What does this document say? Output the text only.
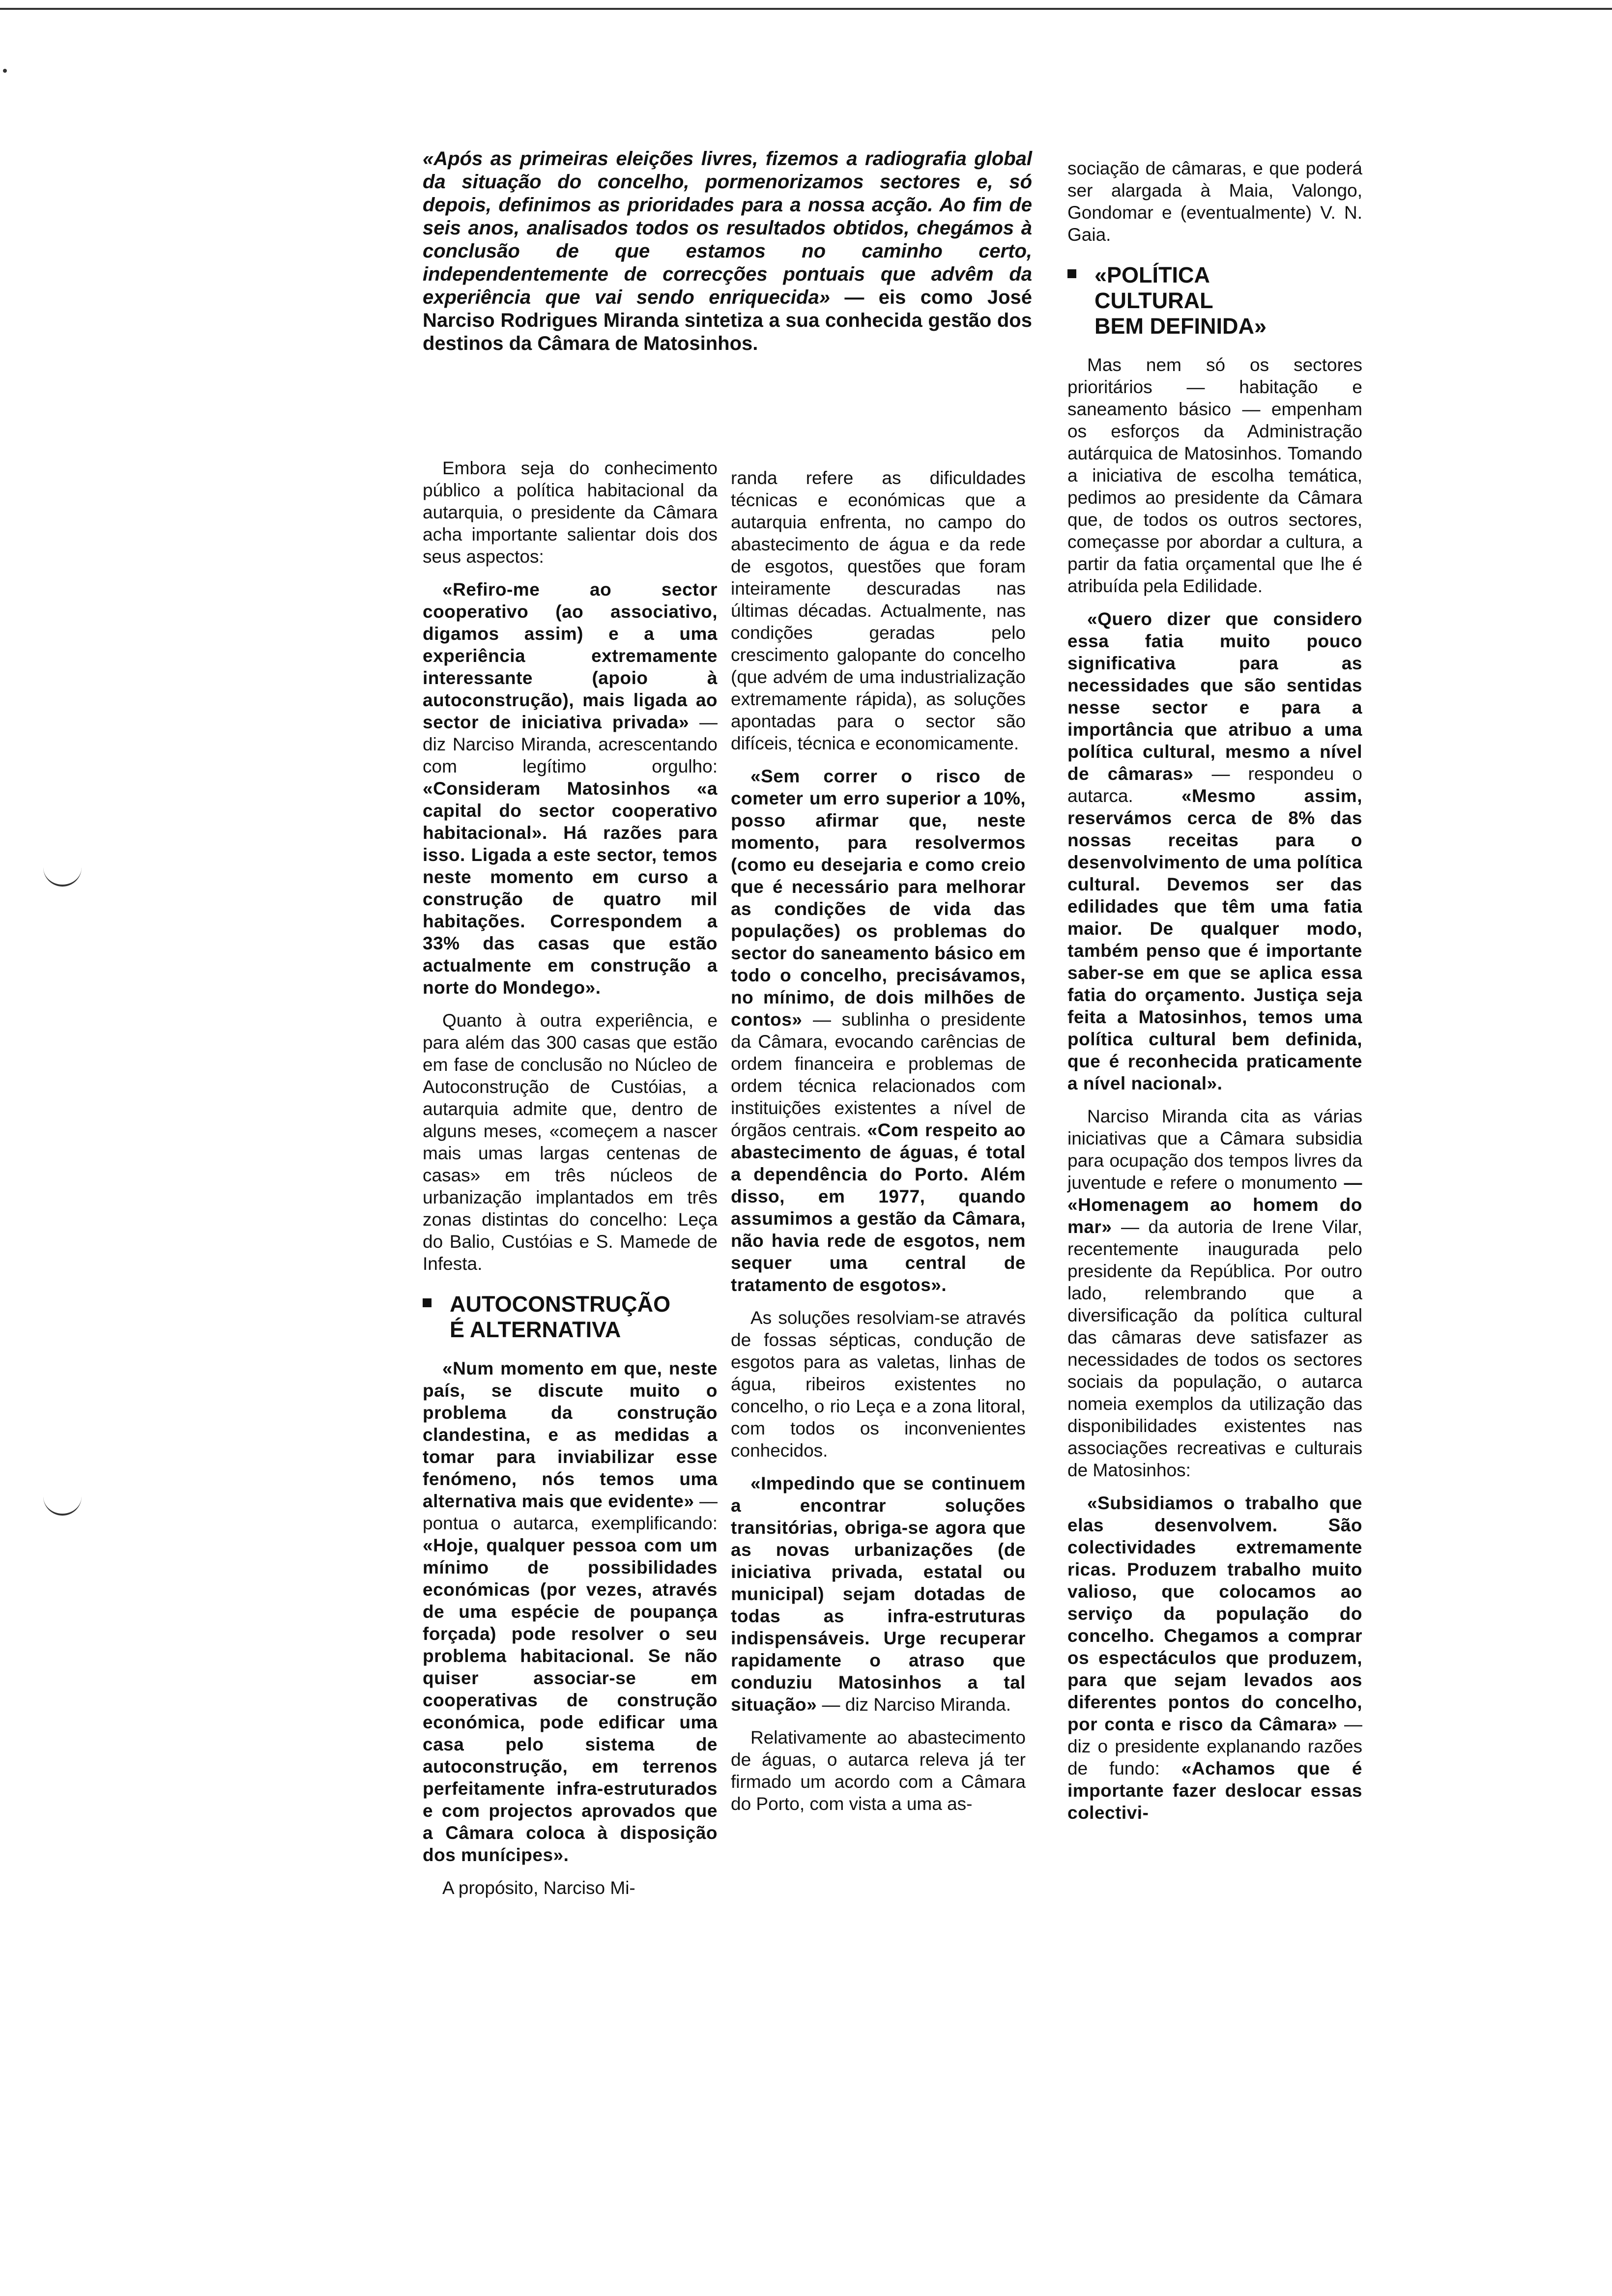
«Após as primeiras eleições livres, fizemos a radiografia global da situação do concelho, pormenorizamos sectores e, só depois, definimos as prioridades para a nossa acção. Ao fim de seis anos, analisados todos os resultados obtidos, chegámos à conclusão de que estamos no caminho certo, independentemente de correcções pontuais que advêm da experiência que vai sendo enriquecida» — eis como José Narciso Rodrigues Miranda sintetiza a sua conhecida gestão dos destinos da Câmara de Matosinhos.

Embora seja do conhecimento público a política habitacional da autarquia, o presidente da Câmara acha importante salientar dois dos seus aspectos:

«Refiro-me ao sector cooperativo (ao associativo, digamos assim) e a uma experiência extremamente interessante (apoio à autoconstrução), mais ligada ao sector de iniciativa privada» — diz Narciso Miranda, acrescentando com legítimo orgulho: «Consideram Matosinhos «a capital do sector cooperativo habitacional». Há razões para isso. Ligada a este sector, temos neste momento em curso a construção de quatro mil habitações. Correspondem a 33% das casas que estão actualmente em construção a norte do Mondego».

Quanto à outra experiência, e para além das 300 casas que estão em fase de conclusão no Núcleo de Autoconstrução de Custóias, a autarquia admite que, dentro de alguns meses, «começem a nascer mais umas largas centenas de casas» em três núcleos de urbanização implantados em três zonas distintas do concelho: Leça do Balio, Custóias e S. Mamede de Infesta.

AUTOCONSTRUÇÃO
É ALTERNATIVA

«Num momento em que, neste país, se discute muito o problema da construção clandestina, e as medidas a tomar para inviabilizar esse fenómeno, nós temos uma alternativa mais que evidente» — pontua o autarca, exemplificando: «Hoje, qualquer pessoa com um mínimo de possibilidades económicas (por vezes, através de uma espécie de poupança forçada) pode resolver o seu problema habitacional. Se não quiser associar-se em cooperativas de construção económica, pode edificar uma casa pelo sistema de autoconstrução, em terrenos perfeitamente infra-estruturados e com projectos aprovados que a Câmara coloca à disposição dos munícipes».

A propósito, Narciso Mi-

randa refere as dificuldades técnicas e económicas que a autarquia enfrenta, no campo do abastecimento de água e da rede de esgotos, questões que foram inteiramente descuradas nas últimas décadas. Actualmente, nas condições geradas pelo crescimento galopante do concelho (que advém de uma industrialização extremamente rápida), as soluções apontadas para o sector são difíceis, técnica e economicamente.

«Sem correr o risco de cometer um erro superior a 10%, posso afirmar que, neste momento, para resolvermos (como eu desejaria e como creio que é necessário para melhorar as condições de vida das populações) os problemas do sector do saneamento básico em todo o concelho, precisávamos, no mínimo, de dois milhões de contos» — sublinha o presidente da Câmara, evocando carências de ordem financeira e problemas de ordem técnica relacionados com instituições existentes a nível de órgãos centrais. «Com respeito ao abastecimento de águas, é total a dependência do Porto. Além disso, em 1977, quando assumimos a gestão da Câmara, não havia rede de esgotos, nem sequer uma central de tratamento de esgotos».

As soluções resolviam-se através de fossas sépticas, condução de esgotos para as valetas, linhas de água, ribeiros existentes no concelho, o rio Leça e a zona litoral, com todos os inconvenientes conhecidos.

«Impedindo que se continuem a encontrar soluções transitórias, obriga-se agora que as novas urbanizações (de iniciativa privada, estatal ou municipal) sejam dotadas de todas as infra-estruturas indispensáveis. Urge recuperar rapidamente o atraso que conduziu Matosinhos a tal situação» — diz Narciso Miranda.

Relativamente ao abastecimento de águas, o autarca releva já ter firmado um acordo com a Câmara do Porto, com vista a uma as-

sociação de câmaras, e que poderá ser alargada à Maia, Valongo, Gondomar e (eventualmente) V. N. Gaia.

«POLÍTICA
CULTURAL
BEM DEFINIDA»

Mas nem só os sectores prioritários — habitação e saneamento básico — empenham os esforços da Administração autárquica de Matosinhos. Tomando a iniciativa de escolha temática, pedimos ao presidente da Câmara que, de todos os outros sectores, começasse por abordar a cultura, a partir da fatia orçamental que lhe é atribuída pela Edilidade.

«Quero dizer que considero essa fatia muito pouco significativa para as necessidades que são sentidas nesse sector e para a importância que atribuo a uma política cultural, mesmo a nível de câmaras» — respondeu o autarca. «Mesmo assim, reservámos cerca de 8% das nossas receitas para o desenvolvimento de uma política cultural. Devemos ser das edilidades que têm uma fatia maior. De qualquer modo, também penso que é importante saber-se em que se aplica essa fatia do orçamento. Justiça seja feita a Matosinhos, temos uma política cultural bem definida, que é reconhecida praticamente a nível nacional».

Narciso Miranda cita as várias iniciativas que a Câmara subsidia para ocupação dos tempos livres da juventude e refere o monumento — «Homenagem ao homem do mar» — da autoria de Irene Vilar, recentemente inaugurada pelo presidente da República. Por outro lado, relembrando que a diversificação da política cultural das câmaras deve satisfazer as necessidades de todos os sectores sociais da população, o autarca nomeia exemplos da utilização das disponibilidades existentes nas associações recreativas e culturais de Matosinhos:

«Subsidiamos o trabalho que elas desenvolvem. São colectividades extremamente ricas. Produzem trabalho muito valioso, que colocamos ao serviço da população do concelho. Chegamos a comprar os espectáculos que produzem, para que sejam levados aos diferentes pontos do concelho, por conta e risco da Câmara» — diz o presidente explanando razões de fundo: «Achamos que é importante fazer deslocar essas colectivi-
